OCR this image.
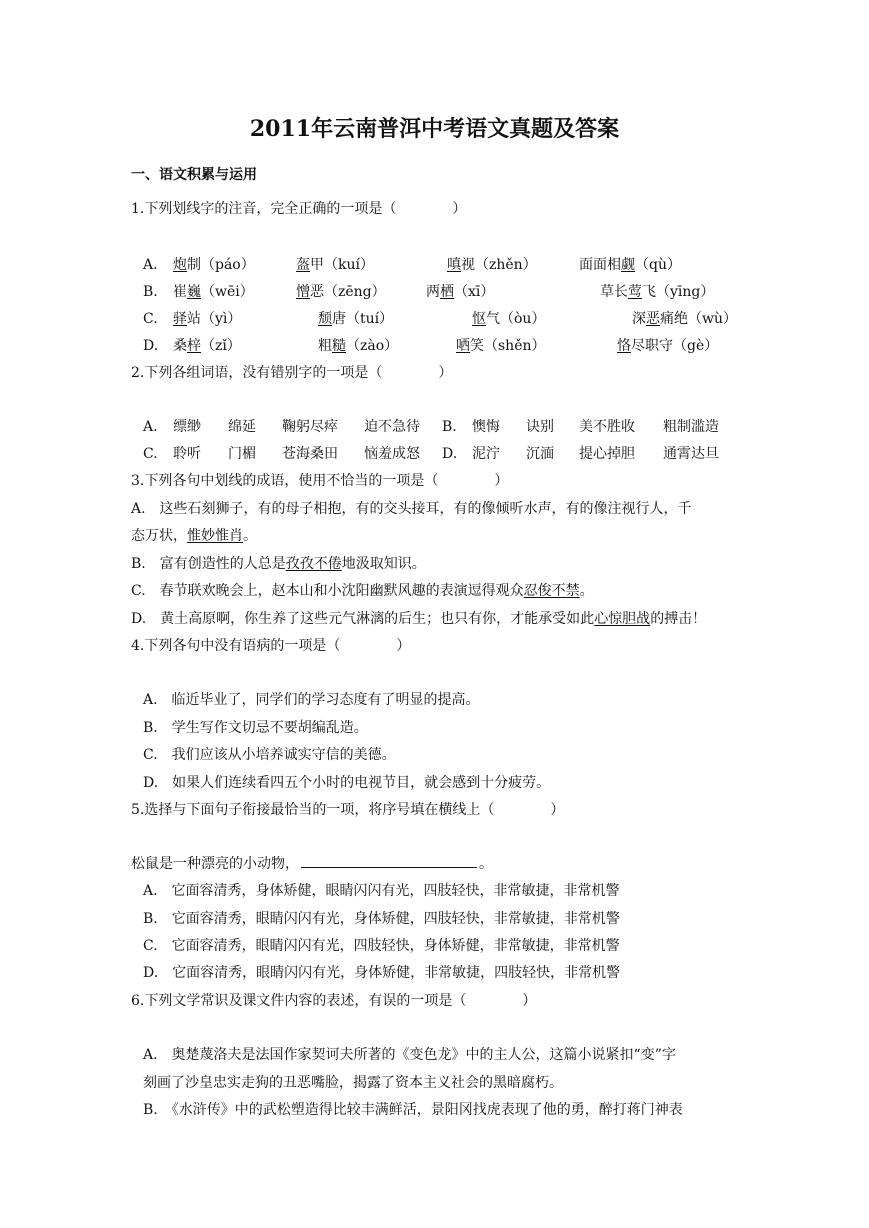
2011年云南普洱中考语文真题及答案
一、语文积累与运用
1.下列划线字的注音，完全正确的一项是（　　　　）
A. 炮制（páo）	盔甲（kuí）	嗔视（zhěn）	面面相觑（qù）
B. 崔巍（wēi）	憎恶（zēng）	两栖（xī）	草长莺飞（yīng）
C. 驿站（yì）	颓唐（tuí）	怄气（òu）	深恶痛绝（wù）
D. 桑梓（zǐ）	粗糙（zào）	哂笑（shěn）	恪尽职守（gè）
2.下列各组词语，没有错别字的一项是（　　　　）
A. 缥缈 绵延 鞠躬尽瘁 迫不急待 B. 懊悔 诀别 美不胜收 粗制滥造
C. 聆听 门楣 苍海桑田 恼羞成怒 D. 泥泞 沉湎 提心掉胆 通霄达旦
3.下列各句中划线的成语，使用不恰当的一项是（　　　　）
A.　这些石刻狮子，有的母子相抱，有的交头接耳，有的像倾听水声，有的像注视行人，千
态万状，惟妙惟肖。
B.　富有创造性的人总是孜孜不倦地汲取知识。
C.　春节联欢晚会上，赵本山和小沈阳幽默风趣的表演逗得观众忍俊不禁。
D.　黄土高原啊，你生养了这些元气淋漓的后生；也只有你，才能承受如此心惊胆战的搏击！
4.下列各句中没有语病的一项是（　　　　）
A.　临近毕业了，同学们的学习态度有了明显的提高。
B.　学生写作文切忌不要胡编乱造。
C.　我们应该从小培养诚实守信的美德。
D.　如果人们连续看四五个小时的电视节目，就会感到十分疲劳。
5.选择与下面句子衔接最恰当的一项，将序号填在横线上（　　　　）
松鼠是一种漂亮的小动物，	。
A.　它面容清秀，身体矫健，眼睛闪闪有光，四肢轻快，非常敏捷，非常机警
B.　它面容清秀，眼睛闪闪有光，身体矫健，四肢轻快，非常敏捷，非常机警
C.　它面容清秀，眼睛闪闪有光，四肢轻快，身体矫健，非常敏捷，非常机警
D.　它面容清秀，眼睛闪闪有光，身体矫健，非常敏捷，四肢轻快，非常机警
6.下列文学常识及课文件内容的表述，有误的一项是（　　　　）
A.　奥楚蔑洛夫是法国作家契诃夫所著的《变色龙》中的主人公，这篇小说紧扣“变”字
刻画了沙皇忠实走狗的丑恶嘴脸，揭露了资本主义社会的黑暗腐朽。
B.　《水浒传》中的武松塑造得比较丰满鲜活，景阳冈找虎表现了他的勇，醉打蒋门神表
